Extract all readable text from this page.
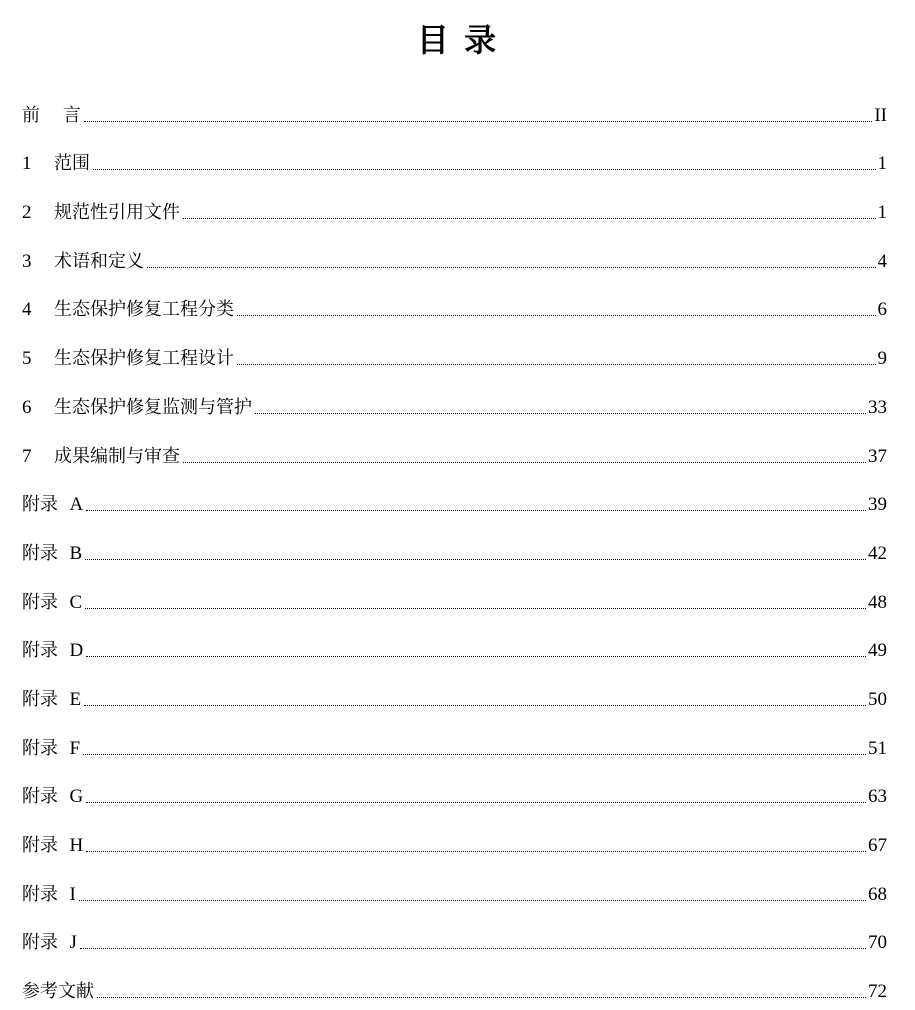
目 录
前    言	II
1	范围	1
2	规范性引用文件	1
3	术语和定义	4
4	生态保护修复工程分类	6
5	生态保护修复工程设计	9
6	生态保护修复监测与管护	33
7	成果编制与审查	37
附录 A	39
附录 B	42
附录 C	48
附录 D	49
附录 E	50
附录 F	51
附录 G	63
附录 H	67
附录 I	68
附录 J	70
参考文献	72
